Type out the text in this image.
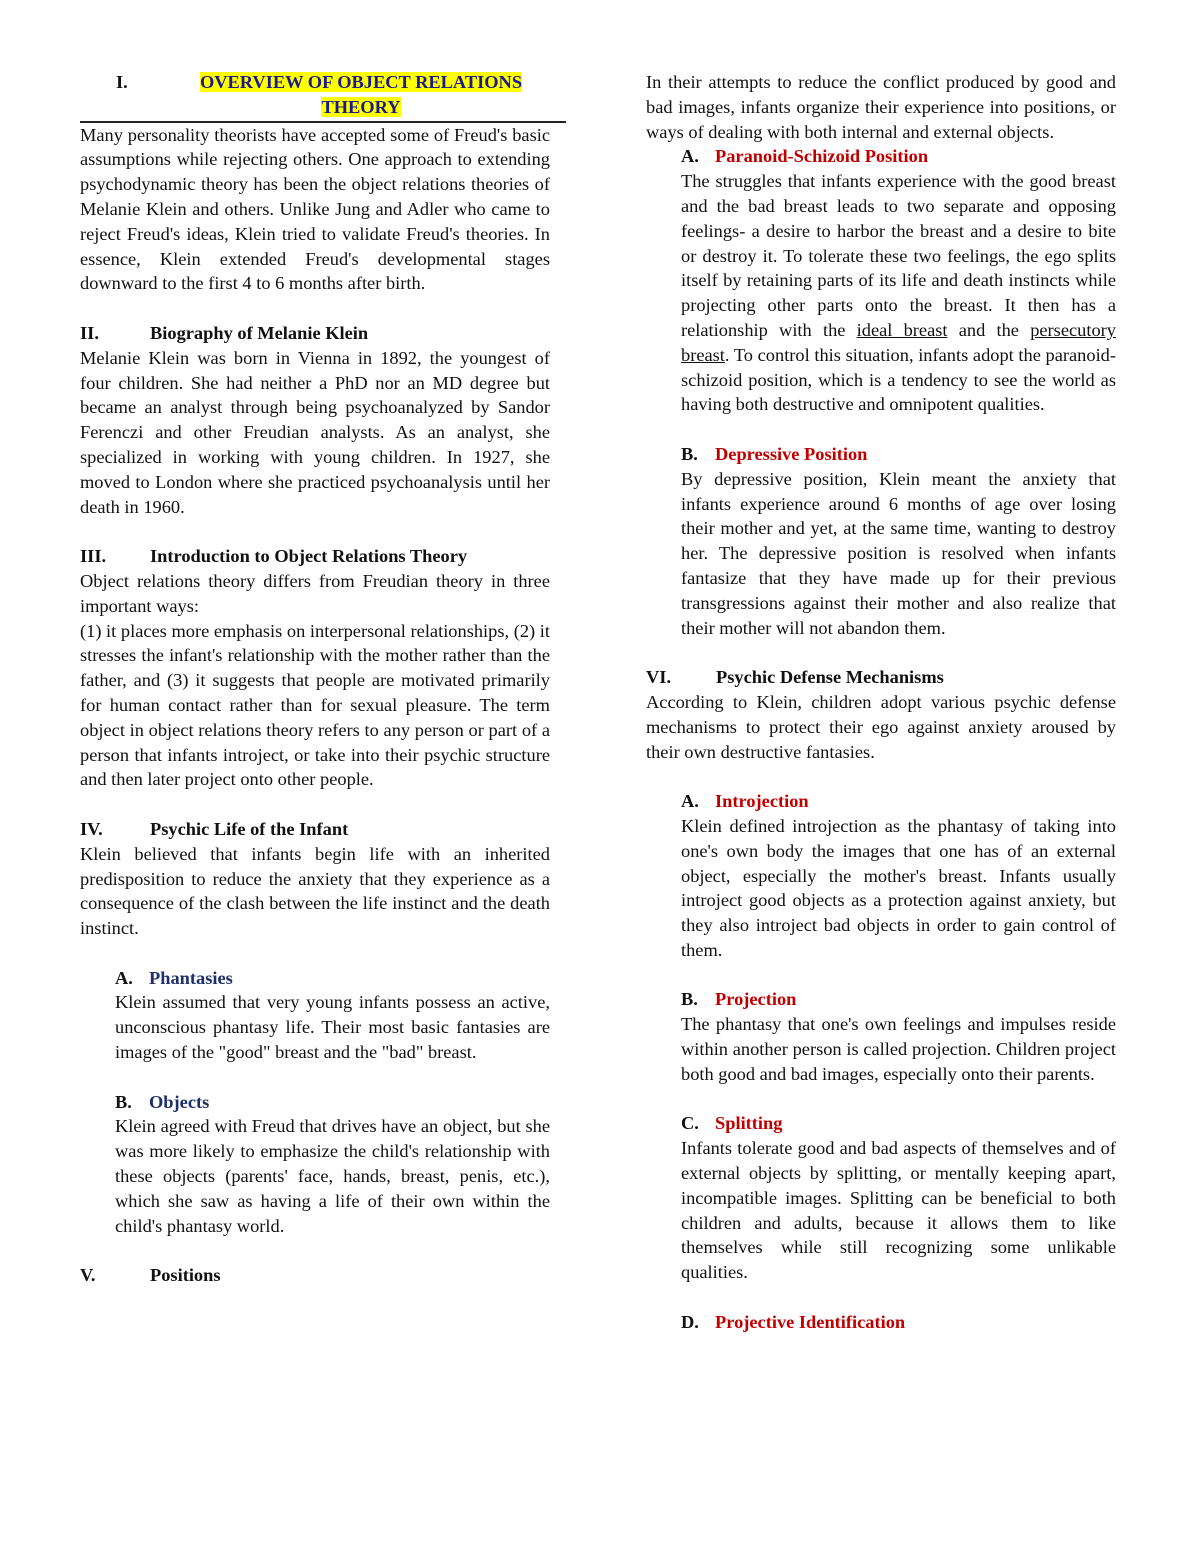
I.	OVERVIEW OF OBJECT RELATIONS
THEORY

Many personality theorists have accepted some of Freud's basic assumptions while rejecting others. One approach to extending psychodynamic theory has been the object relations theories of Melanie Klein and others. Unlike Jung and Adler who came to reject Freud's ideas, Klein tried to validate Freud's theories. In essence, Klein extended Freud's developmental stages downward to the first 4 to 6 months after birth.

II.	Biography of Melanie Klein

Melanie Klein was born in Vienna in 1892, the youngest of four children. She had neither a PhD nor an MD degree but became an analyst through being psychoanalyzed by Sandor Ferenczi and other Freudian analysts. As an analyst, she specialized in working with young children. In 1927, she moved to London where she practiced psychoanalysis until her death in 1960.

III.	Introduction to Object Relations Theory

Object relations theory differs from Freudian theory in three important ways:

(1) it places more emphasis on interpersonal relationships, (2) it stresses the infant's relationship with the mother rather than the father, and (3) it suggests that people are motivated primarily for human contact rather than for sexual pleasure. The term object in object relations theory refers to any person or part of a person that infants introject, or take into their psychic structure and then later project onto other people.

IV.	Psychic Life of the Infant

Klein believed that infants begin life with an inherited predisposition to reduce the anxiety that they experience as a consequence of the clash between the life instinct and the death instinct.

A. Phantasies

Klein assumed that very young infants possess an active, unconscious phantasy life. Their most basic fantasies are images of the "good" breast and the "bad" breast.

B. Objects

Klein agreed with Freud that drives have an object, but she was more likely to emphasize the child's relationship with these objects (parents' face, hands, breast, penis, etc.), which she saw as having a life of their own within the child's phantasy world.

V.	Positions

In their attempts to reduce the conflict produced by good and bad images, infants organize their experience into positions, or ways of dealing with both internal and external objects.

A. Paranoid-Schizoid Position

The struggles that infants experience with the good breast and the bad breast leads to two separate and opposing feelings- a desire to harbor the breast and a desire to bite or destroy it. To tolerate these two feelings, the ego splits itself by retaining parts of its life and death instincts while projecting other parts onto the breast. It then has a relationship with the ideal breast and the persecutory breast. To control this situation, infants adopt the paranoid-schizoid position, which is a tendency to see the world as having both destructive and omnipotent qualities.

B. Depressive Position

By depressive position, Klein meant the anxiety that infants experience around 6 months of age over losing their mother and yet, at the same time, wanting to destroy her. The depressive position is resolved when infants fantasize that they have made up for their previous transgressions against their mother and also realize that their mother will not abandon them.

VI.	Psychic Defense Mechanisms

According to Klein, children adopt various psychic defense mechanisms to protect their ego against anxiety aroused by their own destructive fantasies.

A. Introjection

Klein defined introjection as the phantasy of taking into one's own body the images that one has of an external object, especially the mother's breast. Infants usually introject good objects as a protection against anxiety, but they also introject bad objects in order to gain control of them.

B. Projection

The phantasy that one's own feelings and impulses reside within another person is called projection. Children project both good and bad images, especially onto their parents.

C. Splitting

Infants tolerate good and bad aspects of themselves and of external objects by splitting, or mentally keeping apart, incompatible images. Splitting can be beneficial to both children and adults, because it allows them to like themselves while still recognizing some unlikable qualities.

D. Projective Identification
